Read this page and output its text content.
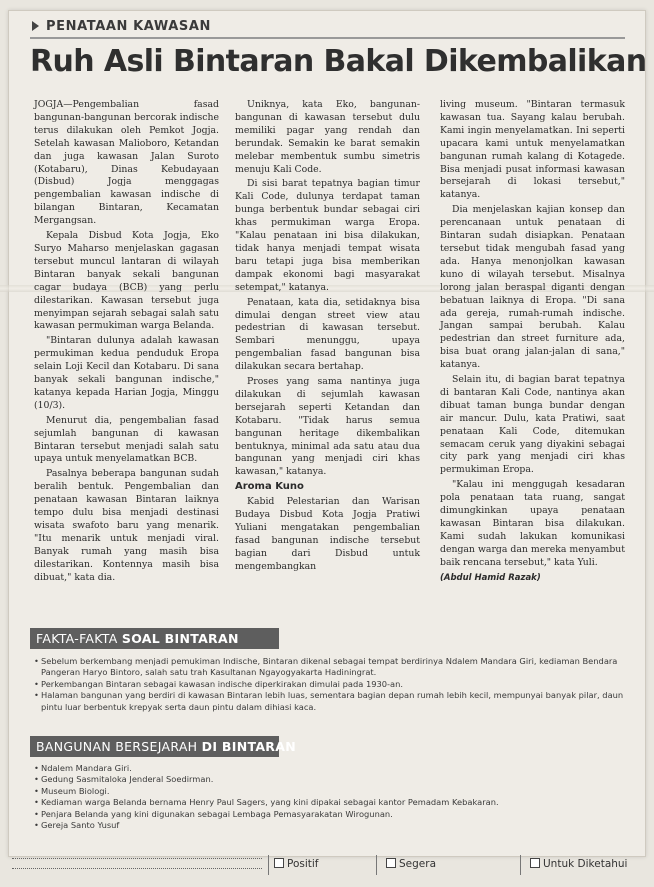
PENATAAN KAWASAN
Ruh Asli Bintaran Bakal Dikembalikan

JOGJA—Pengembalian fasad bangunan-bangunan bercorak indische terus dilakukan oleh Pemkot Jogja. Setelah kawasan Malioboro, Ketandan dan juga kawasan Jalan Suroto (Kotabaru), Dinas Kebudayaan (Disbud) Jogja menggagas pengembalian kawasan indische di bilangan Bintaran, Kecamatan Mergangsan.

Kepala Disbud Kota Jogja, Eko Suryo Maharso menjelaskan gagasan tersebut muncul lantaran di wilayah Bintaran banyak sekali bangunan cagar budaya (BCB) yang perlu dilestarikan. Kawasan tersebut juga menyimpan sejarah sebagai salah satu kawasan permukiman warga Belanda.

"Bintaran dulunya adalah kawasan permukiman kedua penduduk Eropa selain Loji Kecil dan Kotabaru. Di sana banyak sekali bangunan indische," katanya kepada Harian Jogja, Minggu (10/3).

Menurut dia, pengembalian fasad sejumlah bangunan di kawasan Bintaran tersebut menjadi salah satu upaya untuk menyelamatkan BCB.

Pasalnya beberapa bangunan sudah beralih bentuk. Pengembalian dan penataan kawasan Bintaran laiknya tempo dulu bisa menjadi destinasi wisata swafoto baru yang menarik. "Itu menarik untuk menjadi viral. Banyak rumah yang masih bisa dilestarikan. Kontennya masih bisa dibuat," kata dia.

Uniknya, kata Eko, bangunan-bangunan di kawasan tersebut dulu memiliki pagar yang rendah dan berundak. Semakin ke barat semakin melebar membentuk sumbu simetris menuju Kali Code.

Di sisi barat tepatnya bagian timur Kali Code, dulunya terdapat taman bunga berbentuk bundar sebagai ciri khas permukiman warga Eropa. "Kalau penataan ini bisa dilakukan, tidak hanya menjadi tempat wisata baru tetapi juga bisa memberikan dampak ekonomi bagi masyarakat setempat," katanya.

Penataan, kata dia, setidaknya bisa dimulai dengan street view atau pedestrian di kawasan tersebut. Sembari menunggu, upaya pengembalian fasad bangunan bisa dilakukan secara bertahap.

Proses yang sama nantinya juga dilakukan di sejumlah kawasan bersejarah seperti Ketandan dan Kotabaru. "Tidak harus semua bangunan heritage dikembalikan bentuknya, minimal ada satu atau dua bangunan yang menjadi ciri khas kawasan," katanya.

Aroma Kuno

Kabid Pelestarian dan Warisan Budaya Disbud Kota Jogja Pratiwi Yuliani mengatakan pengembalian fasad bangunan indische tersebut bagian dari Disbud untuk mengembangkan

living museum. "Bintaran termasuk kawasan tua. Sayang kalau berubah. Kami ingin menyelamatkan. Ini seperti upacara kami untuk menyelamatkan bangunan rumah kalang di Kotagede. Bisa menjadi pusat informasi kawasan bersejarah di lokasi tersebut," katanya.

Dia menjelaskan kajian konsep dan perencanaan untuk penataan di Bintaran sudah disiapkan. Penataan tersebut tidak mengubah fasad yang ada. Hanya menonjolkan kawasan kuno di wilayah tersebut. Misalnya lorong jalan beraspal diganti dengan bebatuan laiknya di Eropa. "Di sana ada gereja, rumah-rumah indische. Jangan sampai berubah. Kalau pedestrian dan street furniture ada, bisa buat orang jalan-jalan di sana," katanya.

Selain itu, di bagian barat tepatnya di bantaran Kali Code, nantinya akan dibuat taman bunga bundar dengan air mancur. Dulu, kata Pratiwi, saat penataan Kali Code, ditemukan semacam ceruk yang diyakini sebagai city park yang menjadi ciri khas permukiman Eropa.

"Kalau ini menggugah kesadaran pola penataan tata ruang, sangat dimungkinkan upaya penataan kawasan Bintaran bisa dilakukan. Kami sudah lakukan komunikasi dengan warga dan mereka menyambut baik rencana tersebut," kata Yuli.

(Abdul Hamid Razak)

FAKTA-FAKTA SOAL BINTARAN
• Sebelum berkembang menjadi pemukiman Indische, Bintaran dikenal sebagai tempat berdirinya Ndalem Mandara Giri, kediaman Bendara Pangeran Haryo Bintoro, salah satu trah Kasultanan Ngayogyakarta Hadiningrat.
• Perkembangan Bintaran sebagai kawasan indische diperkirakan dimulai pada 1930-an.
• Halaman bangunan yang berdiri di kawasan Bintaran lebih luas, sementara bagian depan rumah lebih kecil, mempunyai banyak pilar, daun pintu luar berbentuk krepyak serta daun pintu dalam dihiasi kaca.
BANGUNAN BERSEJARAH DI BINTARAN
• Ndalem Mandara Giri.
• Gedung Sasmitaloka Jenderal Soedirman.
• Museum Biologi.
• Kediaman warga Belanda bernama Henry Paul Sagers, yang kini dipakai sebagai kantor Pemadam Kebakaran.
• Penjara Belanda yang kini digunakan sebagai Lembaga Pemasyarakatan Wirogunan.
• Gereja Santo Yusuf
Positif	Segera	Untuk Diketahui
